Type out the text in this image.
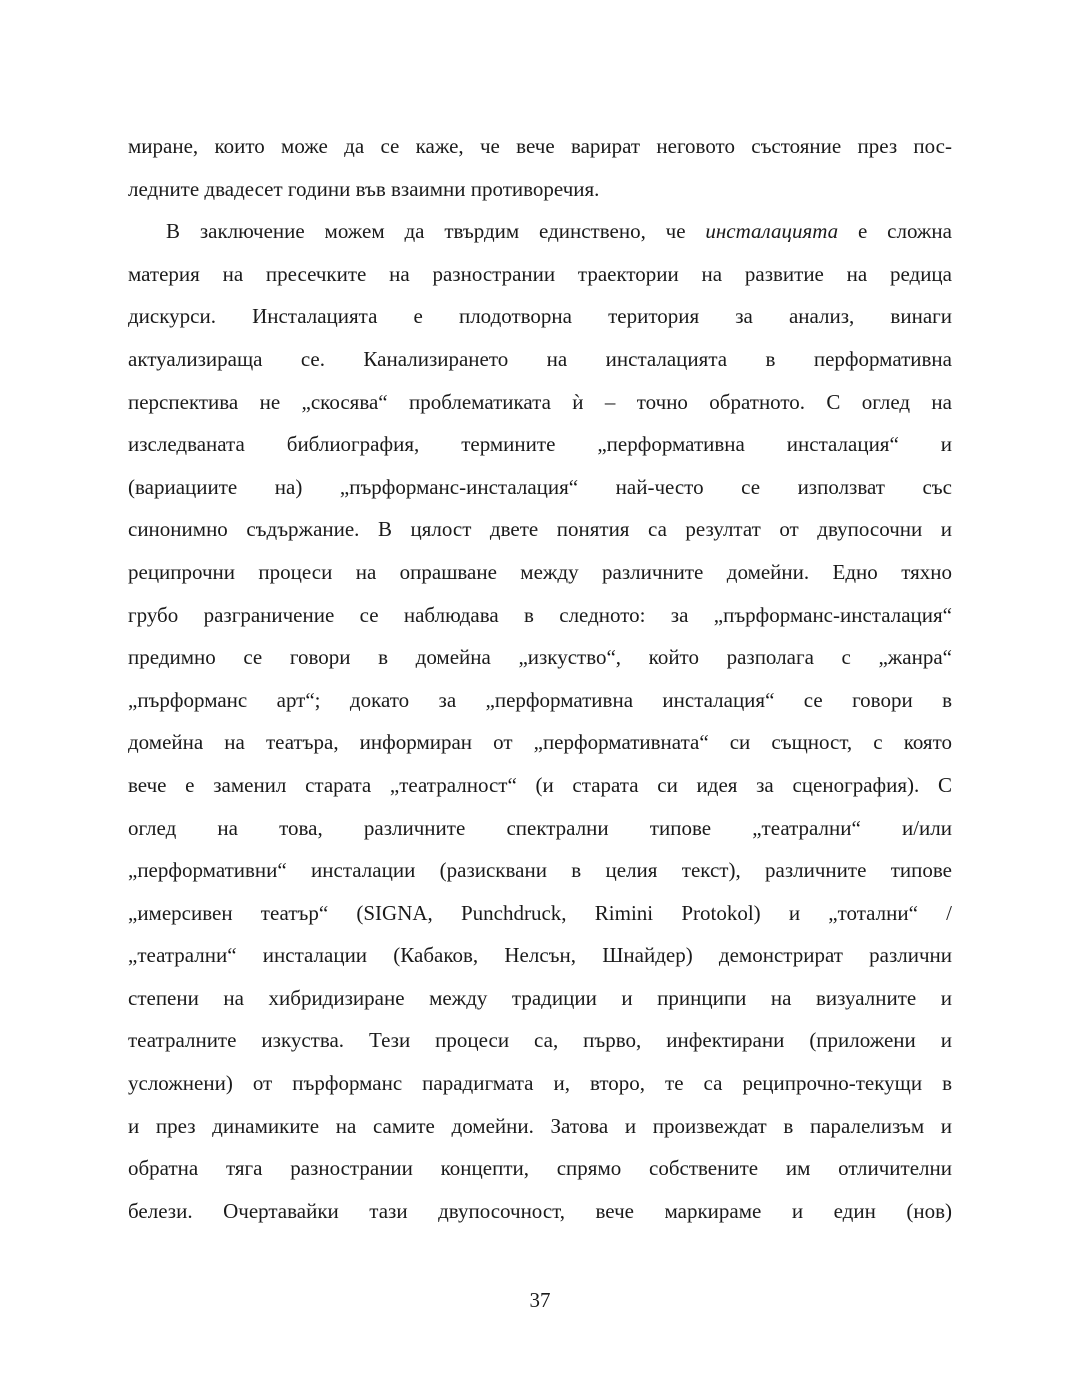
миране, които може да се каже, че вече варират неговото състояние през пос-
ледните двадесет години във взаимни противоречия.
В заключение можем да твърдим единствено, че инсталацията е сложна
материя на пресечките на разнострании траектории на развитие на редица
дискурси. Инсталацията е плодотворна територия за анализ, винаги
актуализираща се. Канализирането на инсталацията в перформативна
перспектива не „скосява“ проблематиката ѝ – точно обратното. С оглед на
изследваната библиография, термините „перформативна инсталация“ и
(вариациите на) „пърформанс-инсталация“ най-често се използват със
синонимно съдържание. В цялост двете понятия са резултат от двупосочни и
реципрочни процеси на опрашване между различните домейни. Едно тяхно
грубо разграничение се наблюдава в следното: за „пърформанс-инсталация“
предимно се говори в домейна „изкуство“, който разполага с „жанра“
„пърформанс арт“; докато за „перформативна инсталация“ се говори в
домейна на театъра, информиран от „перформативната“ си същност, с която
вече е заменил старата „театралност“ (и старата си идея за сценография). С
оглед на това, различните спектрални типове „театрални“ и/или
„перформативни“ инсталации (разисквани в целия текст), различните типове
„имерсивен театър“ (SIGNA, Punchdruck, Rimini Protokol) и „тотални“ /
„театрални“ инсталации (Кабаков, Нелсън, Шнайдер) демонстрират различни
степени на хибридизиране между традиции и принципи на визуалните и
театралните изкуства. Тези процеси са, първо, инфектирани (приложени и
усложнени) от пърформанс парадигмата и, второ, те са реципрочно-текущи в
и през динамиките на самите домейни. Затова и произвеждат в паралелизъм и
обратна тяга разнострании концепти, спрямо собствените им отличителни
белези. Очертавайки тази двупосочност, вече маркираме и един (нов)
37
